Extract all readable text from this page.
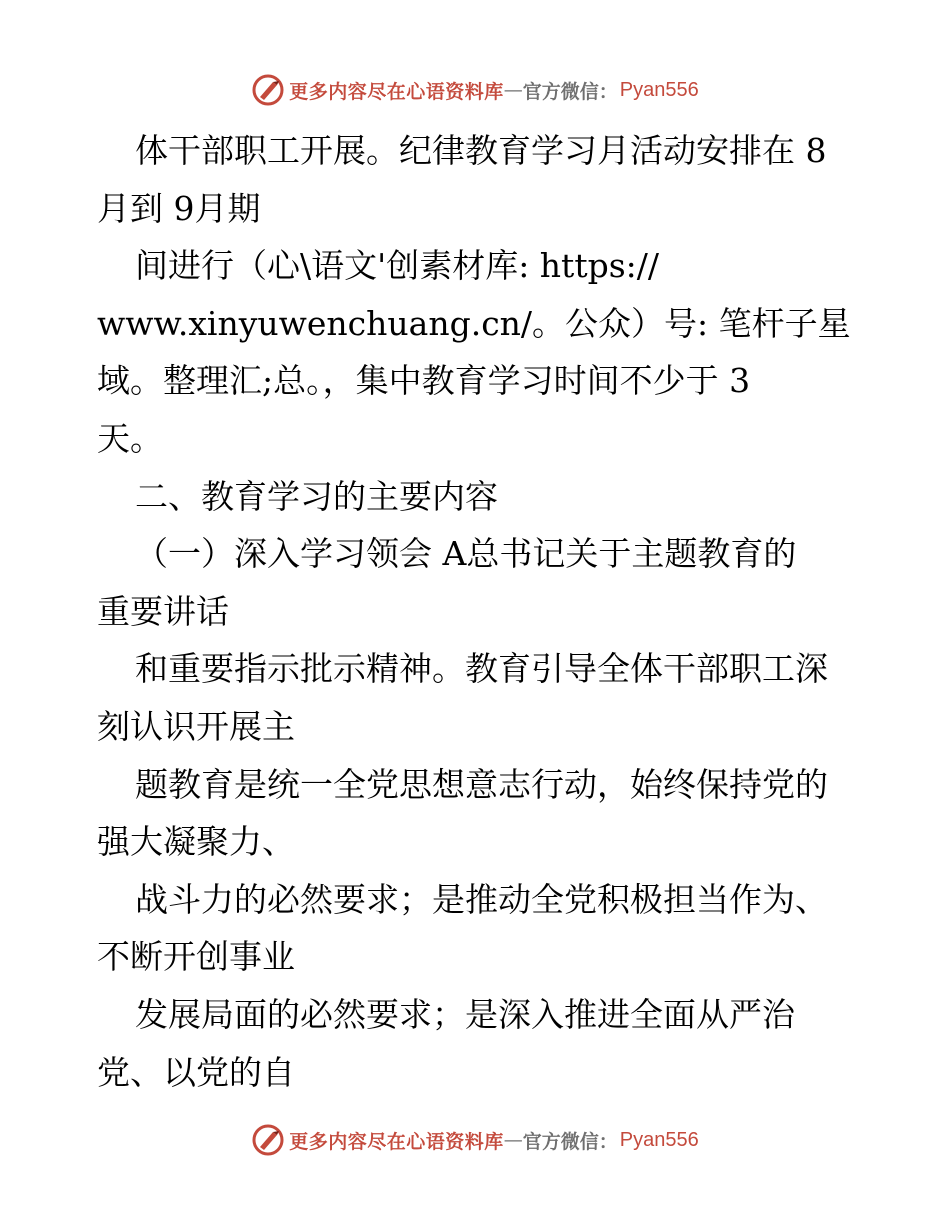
更多内容尽在心语资料库 — 官方微信： Pyan556
体干部职工开展。纪律教育学习月活动安排在 8
月到 9月期
间进行（心\语文'创素材库: https://
www.xinyuwenchuang.cn/。公众）号: 笔杆子星
域。整理汇;总。，集中教育学习时间不少于 3
天。
二、教育学习的主要内容
（一）深入学习领会 A总书记关于主题教育的
重要讲话
和重要指示批示精神。教育引导全体干部职工深
刻认识开展主
题教育是统一全党思想意志行动，始终保持党的
强大凝聚力、
战斗力的必然要求；是推动全党积极担当作为、
不断开创事业
发展局面的必然要求；是深入推进全面从严治
党、以党的自
更多内容尽在心语资料库 — 官方微信： Pyan556
